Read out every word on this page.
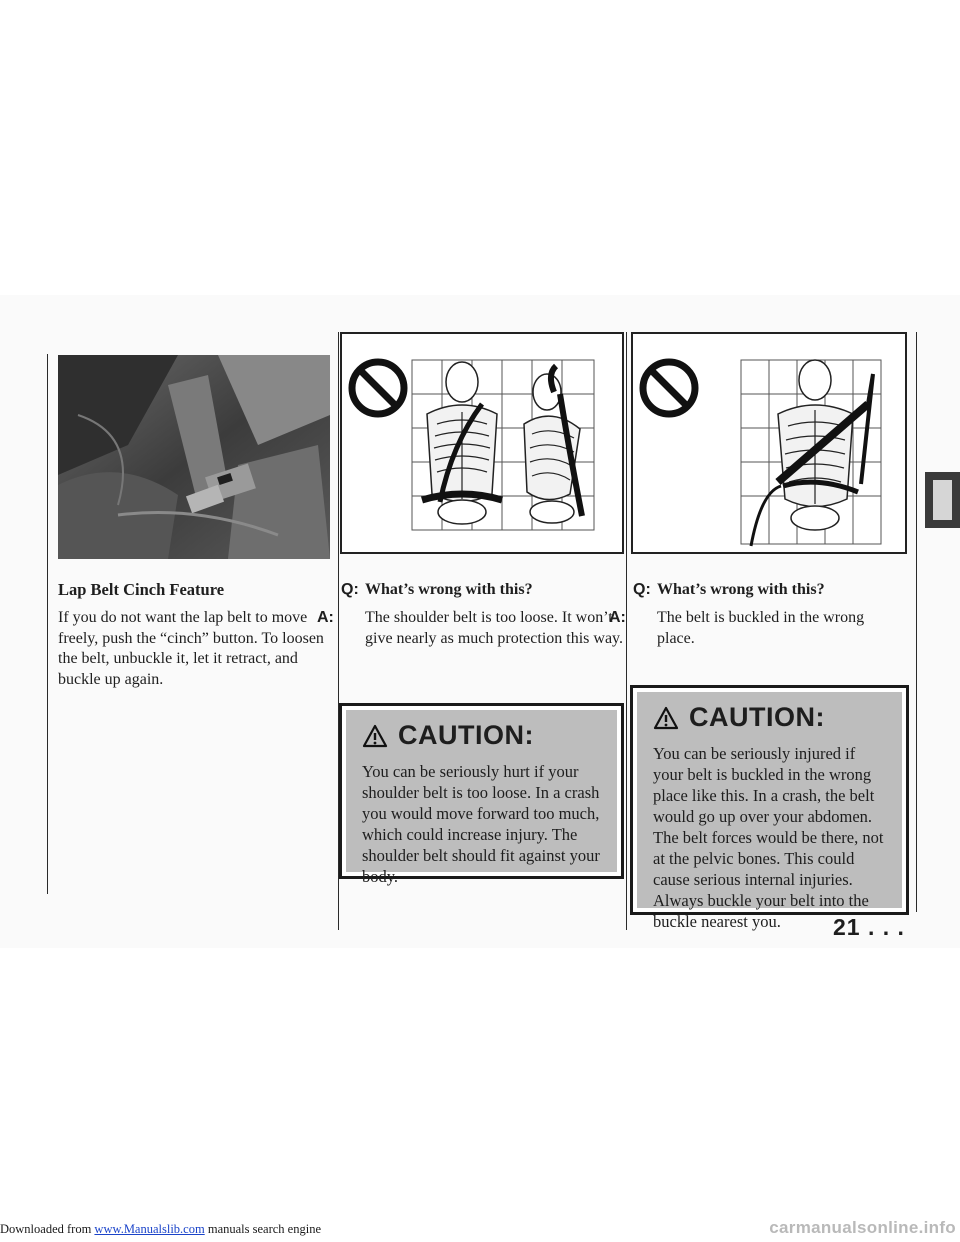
Lap Belt Cinch Feature

If you do not want the lap belt to move freely, push the “cinch” button. To loosen the belt, unbuckle it, let it retract, and buckle up again.

Q: What’s wrong with this?
A: The shoulder belt is too loose. It won’t give nearly as much protection this way.
CAUTION:

You can be seriously hurt if your shoulder belt is too loose. In a crash you would move forward too much, which could increase injury. The shoulder belt should fit against your body.

Q: What’s wrong with this?
A: The belt is buckled in the wrong place.
CAUTION:

You can be seriously injured if your belt is buckled in the wrong place like this. In a crash, the belt would go up over your abdomen. The belt forces would be there, not at the pelvic bones. This could cause serious internal injuries. Always buckle your belt into the buckle nearest you.	21 . . .
Downloaded from www.Manualslib.com manuals search engine	carmanualsonline.info
